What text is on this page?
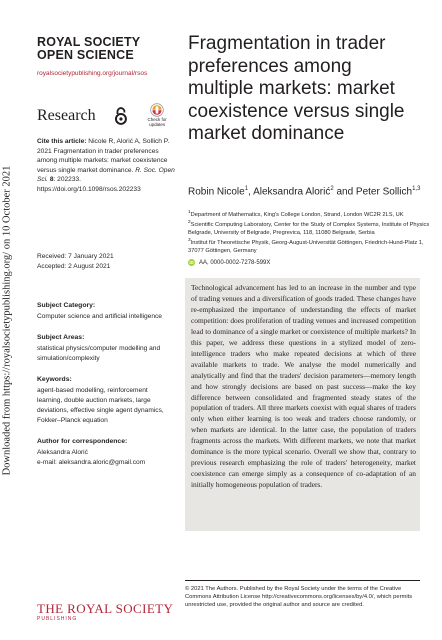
Downloaded from https://royalsocietypublishing.org/ on 10 October 2021
ROYAL SOCIETY
OPEN SCIENCE
royalsocietypublishing.org/journal/rsos
Research	Check for
updates
Cite this article: Nicole R, Alorić A, Sollich P. 2021 Fragmentation in trader preferences among multiple markets: market coexistence versus single market dominance. R. Soc. Open Sci. 8: 202233.
https://doi.org/10.1098/rsos.202233
Received: 7 January 2021
Accepted: 2 August 2021
Subject Category:
Computer science and artificial intelligence
Subject Areas:
statistical physics/computer modelling and simulation/complexity
Keywords:
agent-based modelling, reinforcement learning, double auction markets, large deviations, effective single agent dynamics, Fokker–Planck equation
Author for correspondence:
Aleksandra Alorić
e-mail: aleksandra.aloric@gmail.com
Fragmentation in trader preferences among multiple markets: market coexistence versus single market dominance
Robin Nicole$^1$, Aleksandra Alorić$^2$ and Peter Sollich$^{1,3}$
$^1$Department of Mathematics, King's College London, Strand, London WC2R 2LS, UK
$^2$Scientific Computing Laboratory, Center for the Study of Complex Systems, Institute of Physics Belgrade, University of Belgrade, Pregrevica, 118, 11080 Belgrade, Serbia
$^3$Institut für Theoretische Physik, Georg-August-Universität Göttingen, Friedrich-Hund-Platz 1, 37077 Göttingen, Germany
iD AA, 0000-0002-7278-599X
Technological advancement has led to an increase in the number and type of trading venues and a diversification of goods traded. These changes have re-emphasized the importance of understanding the effects of market competition: does proliferation of trading venues and increased competition lead to dominance of a single market or coexistence of multiple markets? In this paper, we address these questions in a stylized model of zero-intelligence traders who make repeated decisions at which of three available markets to trade. We analyse the model numerically and analytically and find that the traders' decision parameters—memory length and how strongly decisions are based on past success—make the key difference between consolidated and fragmented steady states of the population of traders. All three markets coexist with equal shares of traders only when either learning is too weak and traders choose randomly, or when markets are identical. In the latter case, the population of traders fragments across the markets. With different markets, we note that market dominance is the more typical scenario. Overall we show that, contrary to previous research emphasizing the role of traders' heterogeneity, market coexistence can emerge simply as a consequence of co-adaptation of an initially homogeneous population of traders.
© 2021 The Authors. Published by the Royal Society under the terms of the Creative Commons Attribution License http://creativecommons.org/licenses/by/4.0/, which permits unrestricted use, provided the original author and source are credited.
THE ROYAL SOCIETY
PUBLISHING
